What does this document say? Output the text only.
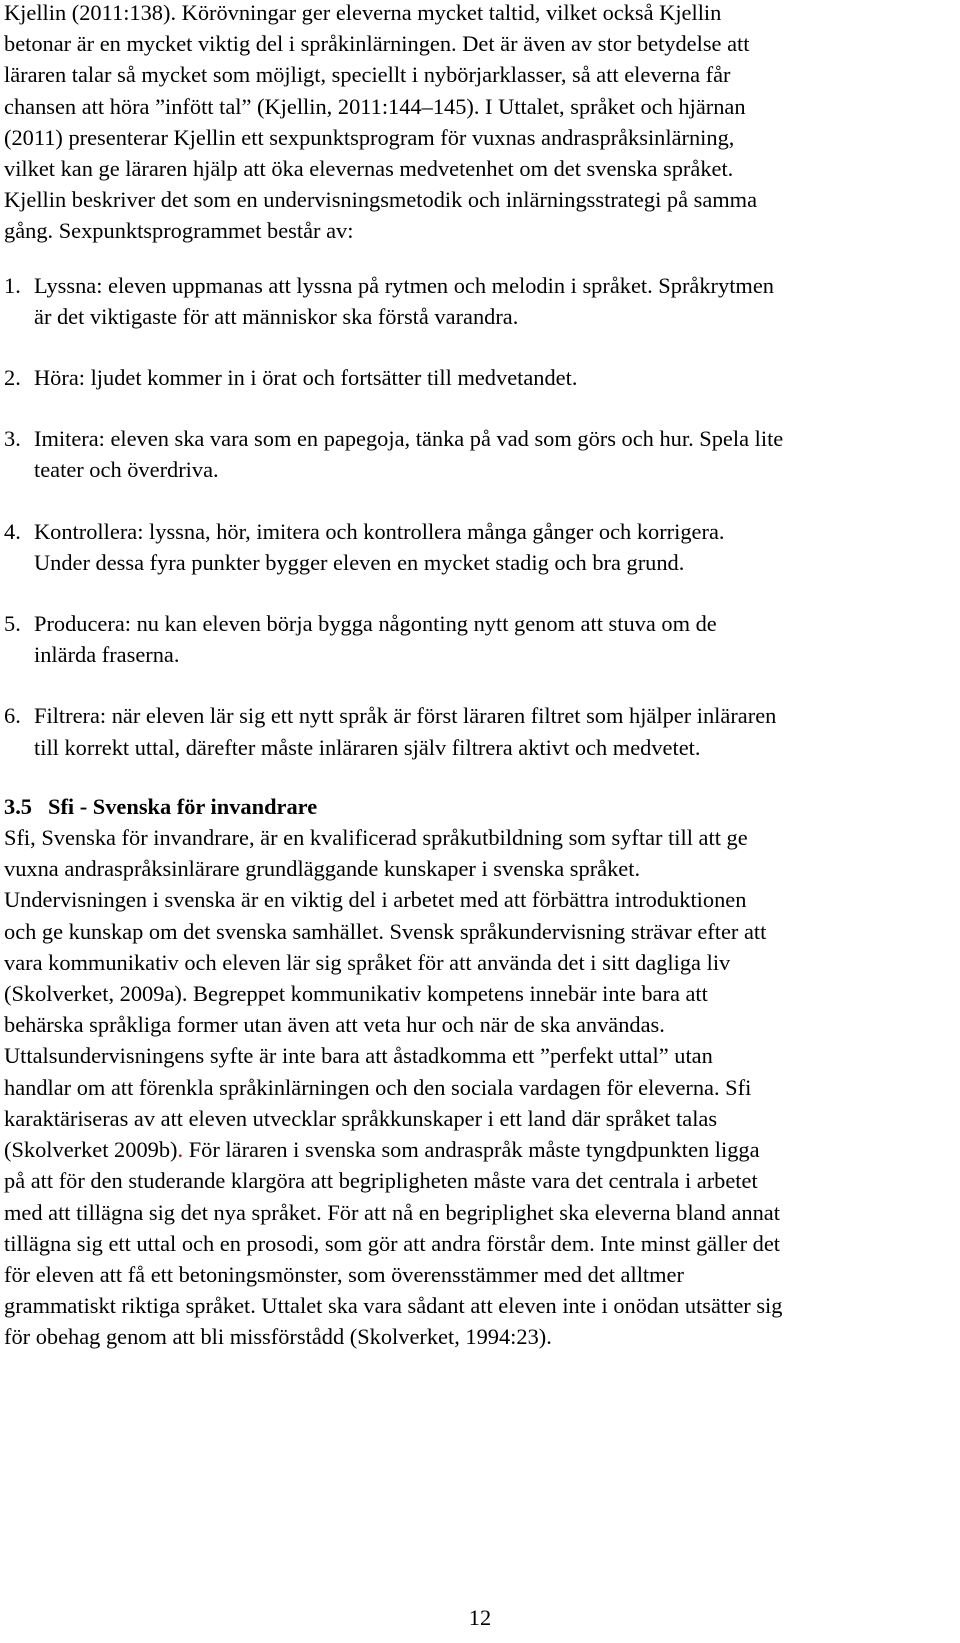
Kjellin (2011:138). Körövningar ger eleverna mycket taltid, vilket också Kjellin
betonar är en mycket viktig del i språkinlärningen. Det är även av stor betydelse att
läraren talar så mycket som möjligt, speciellt i nybörjarklasser, så att eleverna får
chansen att höra ”infött tal” (Kjellin, 2011:144–145). I Uttalet, språket och hjärnan
(2011) presenterar Kjellin ett sexpunktsprogram för vuxnas andraspråksinlärning,
vilket kan ge läraren hjälp att öka elevernas medvetenhet om det svenska språket.
Kjellin beskriver det som en undervisningsmetodik och inlärningsstrategi på samma
gång. Sexpunktsprogrammet består av:

1. Lyssna: eleven uppmanas att lyssna på rytmen och melodin i språket. Språkrytmen
är det viktigaste för att människor ska förstå varandra.
2. Höra: ljudet kommer in i örat och fortsätter till medvetandet.
3. Imitera: eleven ska vara som en papegoja, tänka på vad som görs och hur. Spela lite
teater och överdriva.
4. Kontrollera: lyssna, hör, imitera och kontrollera många gånger och korrigera.
Under dessa fyra punkter bygger eleven en mycket stadig och bra grund.
5. Producera: nu kan eleven börja bygga någonting nytt genom att stuva om de
inlärda fraserna.
6. Filtrera: när eleven lär sig ett nytt språk är först läraren filtret som hjälper inläraren
till korrekt uttal, därefter måste inläraren själv filtrera aktivt och medvetet.
3.5 Sfi - Svenska för invandrare

Sfi, Svenska för invandrare, är en kvalificerad språkutbildning som syftar till att ge
vuxna andraspråksinlärare grundläggande kunskaper i svenska språket.
Undervisningen i svenska är en viktig del i arbetet med att förbättra introduktionen
och ge kunskap om det svenska samhället. Svensk språkundervisning strävar efter att
vara kommunikativ och eleven lär sig språket för att använda det i sitt dagliga liv
(Skolverket, 2009a). Begreppet kommunikativ kompetens innebär inte bara att
behärska språkliga former utan även att veta hur och när de ska användas.
Uttalsundervisningens syfte är inte bara att åstadkomma ett ”perfekt uttal” utan
handlar om att förenkla språkinlärningen och den sociala vardagen för eleverna. Sfi
karaktäriseras av att eleven utvecklar språkkunskaper i ett land där språket talas
(Skolverket 2009b). För läraren i svenska som andraspråk måste tyngdpunkten ligga
på att för den studerande klargöra att begripligheten måste vara det centrala i arbetet
med att tillägna sig det nya språket. För att nå en begriplighet ska eleverna bland annat
tillägna sig ett uttal och en prosodi, som gör att andra förstår dem. Inte minst gäller det
för eleven att få ett betoningsmönster, som överensstämmer med det alltmer
grammatiskt riktiga språket. Uttalet ska vara sådant att eleven inte i onödan utsätter sig
för obehag genom att bli missförstådd (Skolverket, 1994:23).

12
